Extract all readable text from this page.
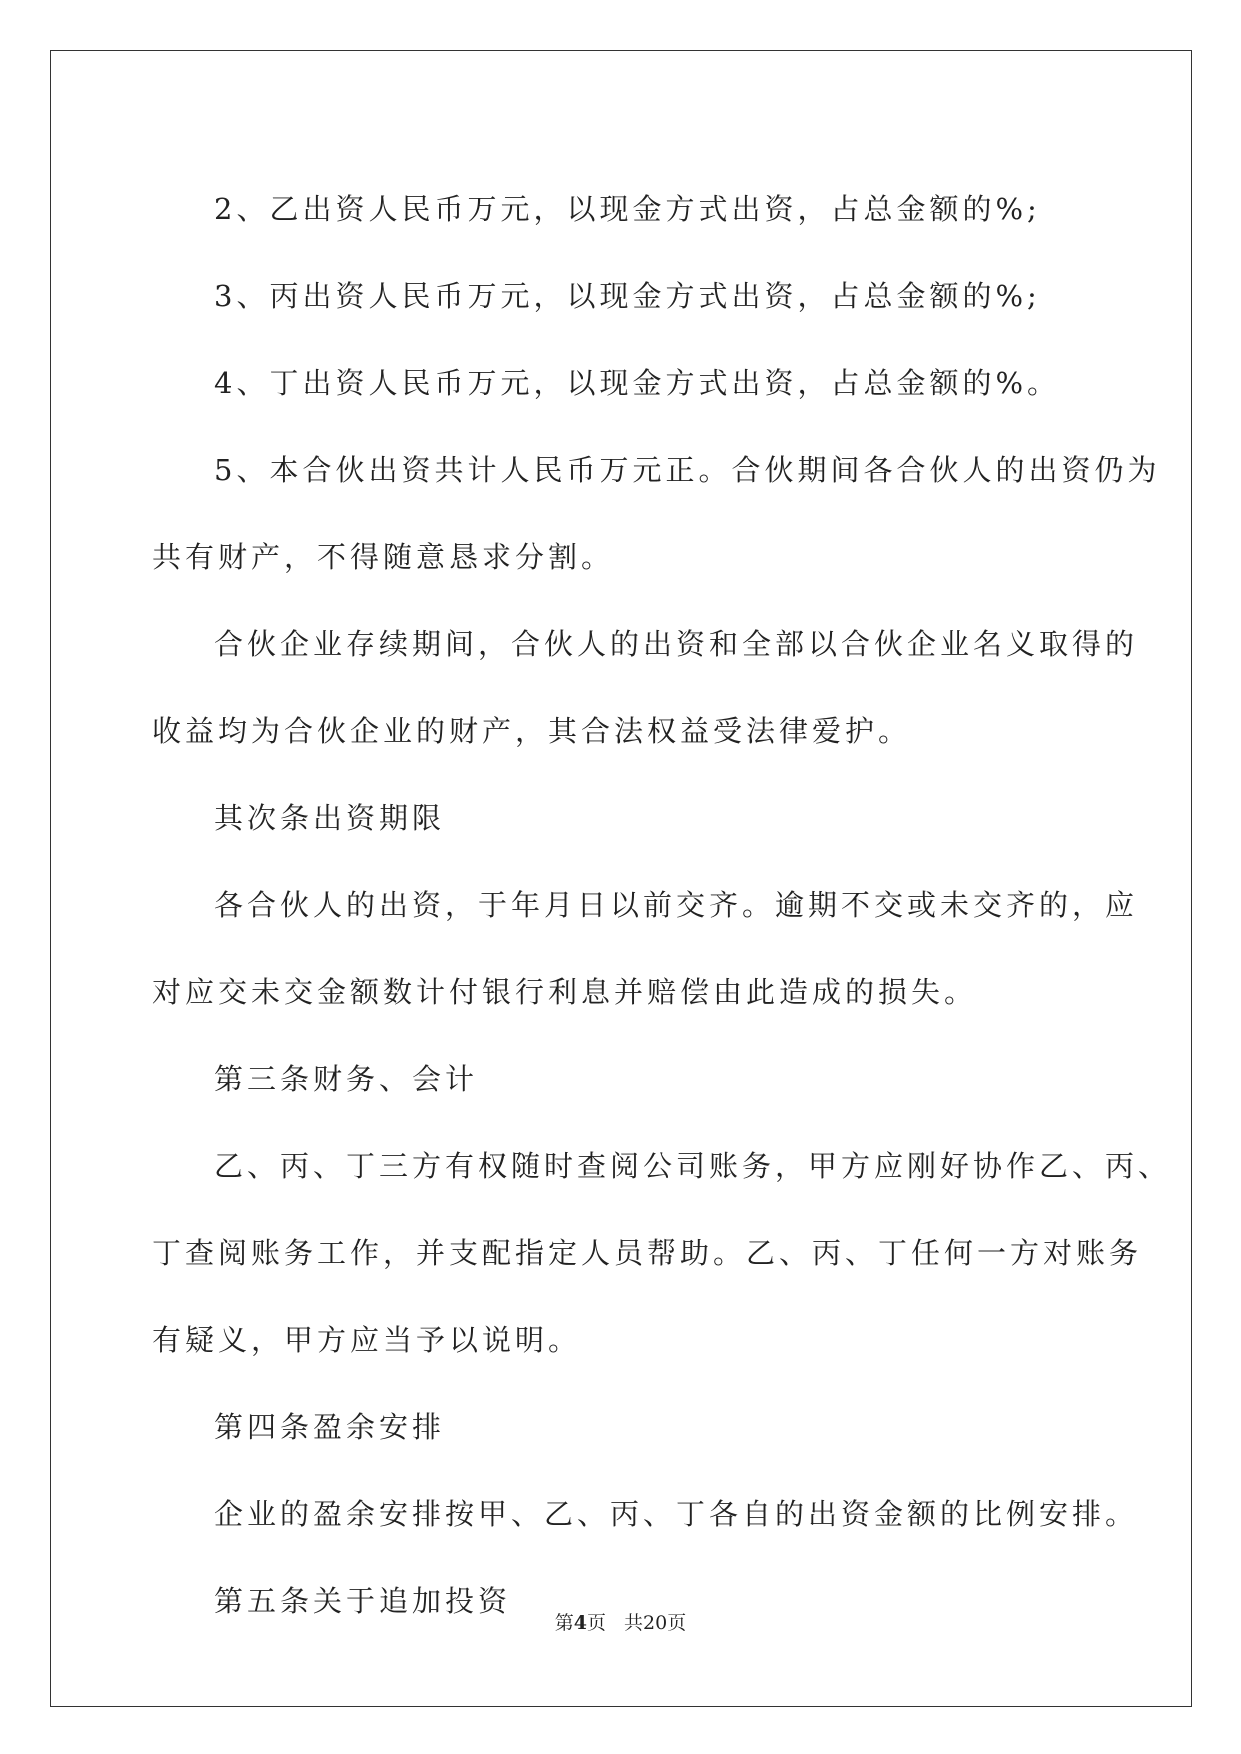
2、乙出资人民币万元，以现金方式出资，占总金额的%;

3、丙出资人民币万元，以现金方式出资，占总金额的%;

4、丁出资人民币万元，以现金方式出资，占总金额的%。

5、本合伙出资共计人民币万元正。合伙期间各合伙人的出资仍为

共有财产，不得随意恳求分割。

合伙企业存续期间，合伙人的出资和全部以合伙企业名义取得的

收益均为合伙企业的财产，其合法权益受法律爱护。

其次条出资期限

各合伙人的出资，于年月日以前交齐。逾期不交或未交齐的，应

对应交未交金额数计付银行利息并赔偿由此造成的损失。

第三条财务、会计

乙、丙、丁三方有权随时查阅公司账务，甲方应刚好协作乙、丙、

丁查阅账务工作，并支配指定人员帮助。乙、丙、丁任何一方对账务

有疑义，甲方应当予以说明。

第四条盈余安排

企业的盈余安排按甲、乙、丙、丁各自的出资金额的比例安排。

第五条关于追加投资

第4页 共20页
